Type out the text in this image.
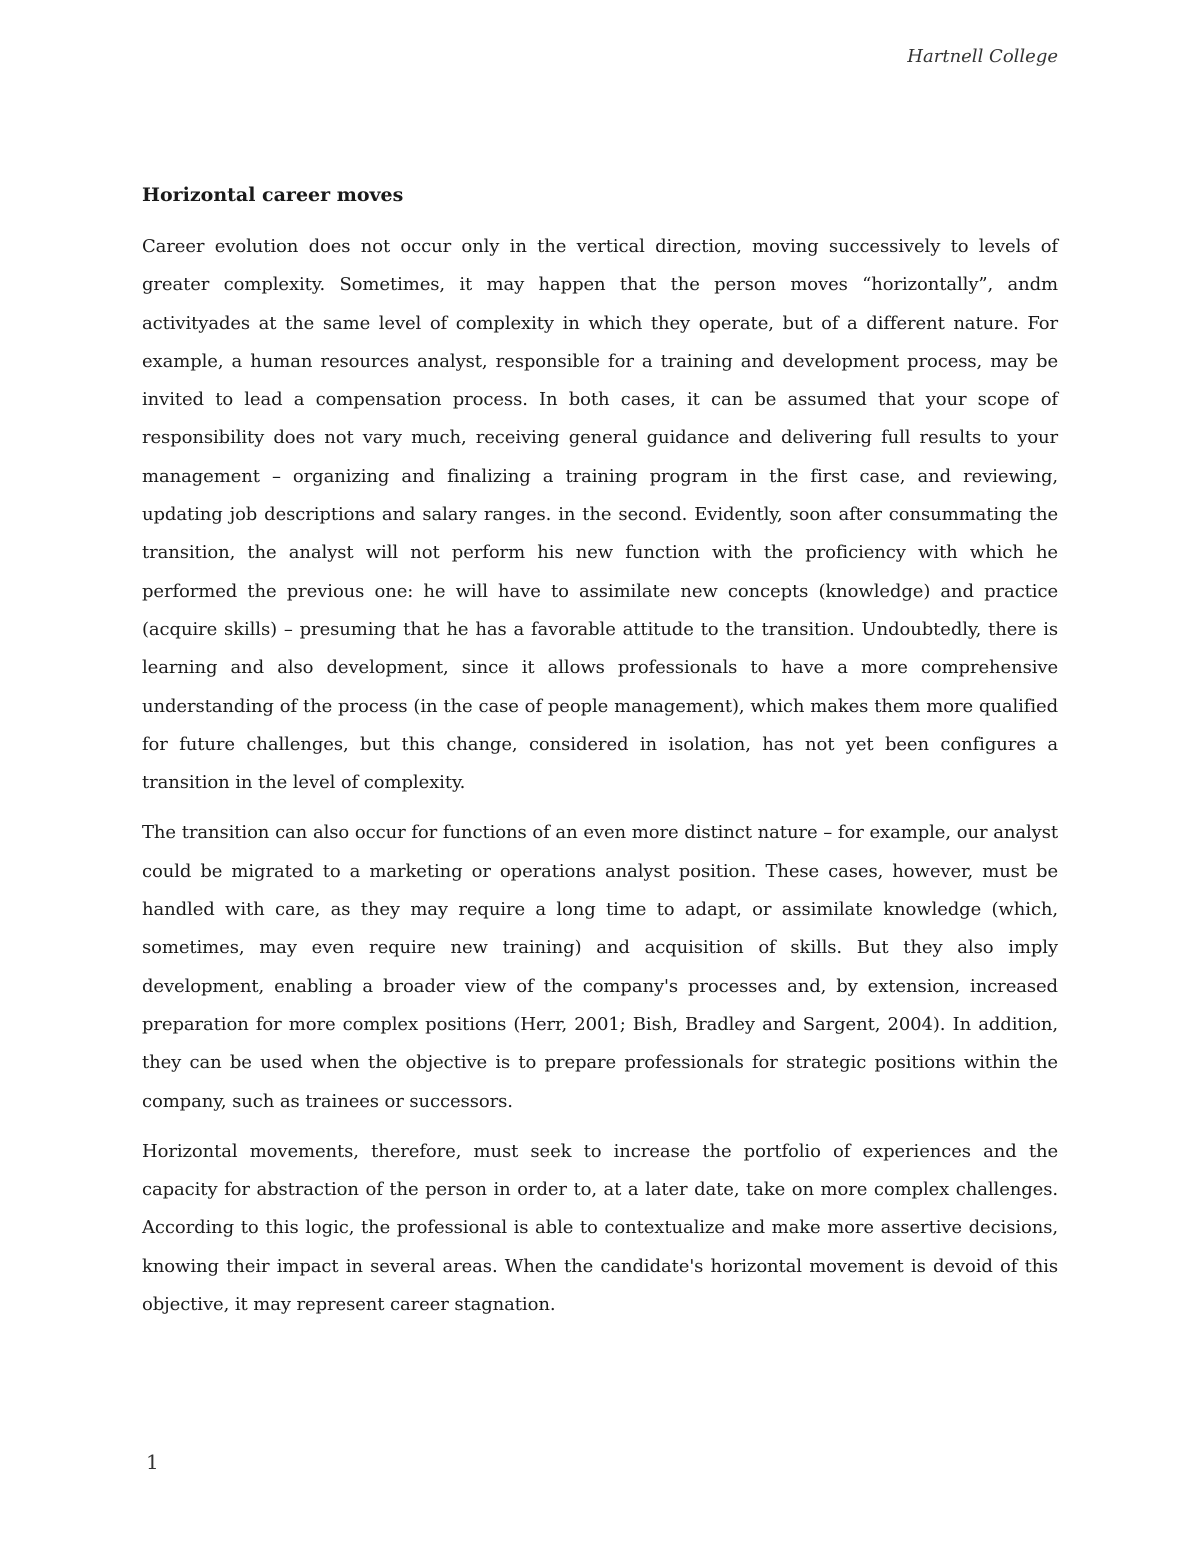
Hartnell College
Horizontal career moves

Career evolution does not occur only in the vertical direction, moving successively to levels of greater complexity. Sometimes, it may happen that the person moves “horizontally”, andm activityades at the same level of complexity in which they operate, but of a different nature. For example, a human resources analyst, responsible for a training and development process, may be invited to lead a compensation process. In both cases, it can be assumed that your scope of responsibility does not vary much, receiving general guidance and delivering full results to your management – organizing and finalizing a training program in the first case, and reviewing, updating job descriptions and salary ranges. in the second. Evidently, soon after consummating the transition, the analyst will not perform his new function with the proficiency with which he performed the previous one: he will have to assimilate new concepts (knowledge) and practice (acquire skills) – presuming that he has a favorable attitude to the transition. Undoubtedly, there is learning and also development, since it allows professionals to have a more comprehensive understanding of the process (in the case of people management), which makes them more qualified for future challenges, but this change, considered in isolation, has not yet been configures a transition in the level of complexity.

The transition can also occur for functions of an even more distinct nature – for example, our analyst could be migrated to a marketing or operations analyst position. These cases, however, must be handled with care, as they may require a long time to adapt, or assimilate knowledge (which, sometimes, may even require new training) and acquisition of skills. But they also imply development, enabling a broader view of the company's processes and, by extension, increased preparation for more complex positions (Herr, 2001; Bish, Bradley and Sargent, 2004). In addition, they can be used when the objective is to prepare professionals for strategic positions within the company, such as trainees or successors.

Horizontal movements, therefore, must seek to increase the portfolio of experiences and the capacity for abstraction of the person in order to, at a later date, take on more complex challenges. According to this logic, the professional is able to contextualize and make more assertive decisions, knowing their impact in several areas. When the candidate's horizontal movement is devoid of this objective, it may represent career stagnation.

1
